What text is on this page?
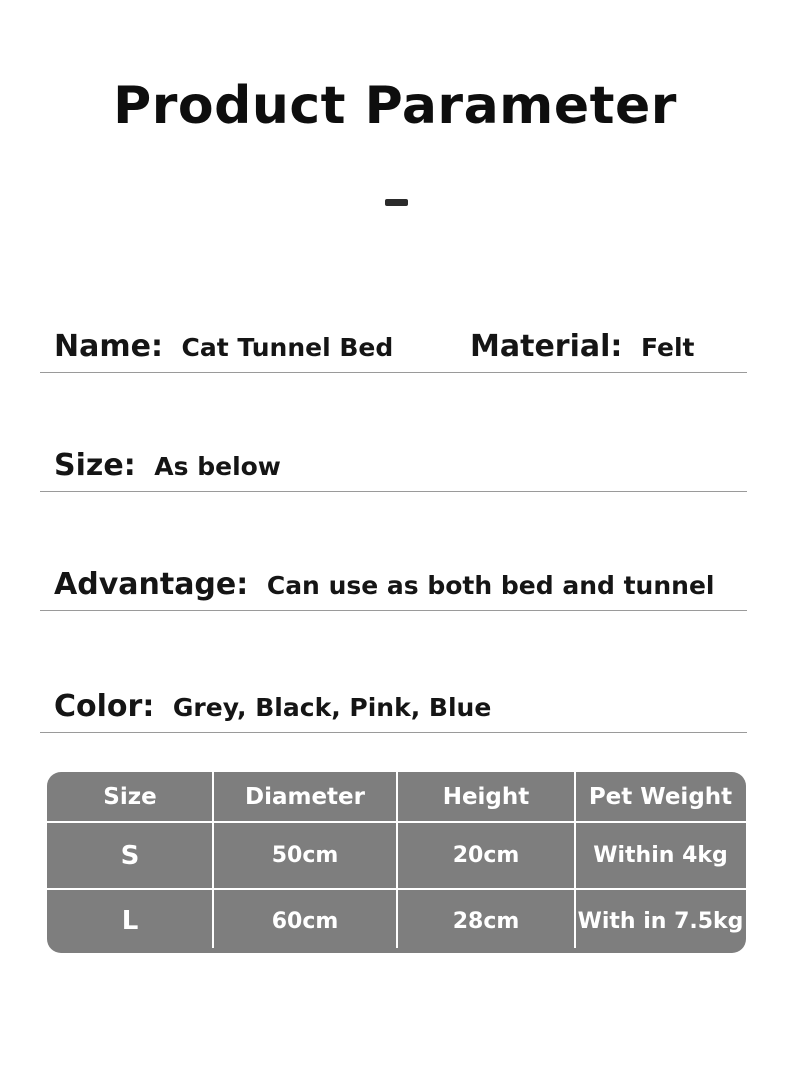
Product Parameter
Name: Cat Tunnel Bed	Material: Felt
Size: As below
Advantage: Can use as both bed and tunnel
Color: Grey, Black, Pink, Blue
Size	Diameter	Height	Pet Weight
S	50cm	20cm	Within 4kg
L	60cm	28cm	With in 7.5kg
